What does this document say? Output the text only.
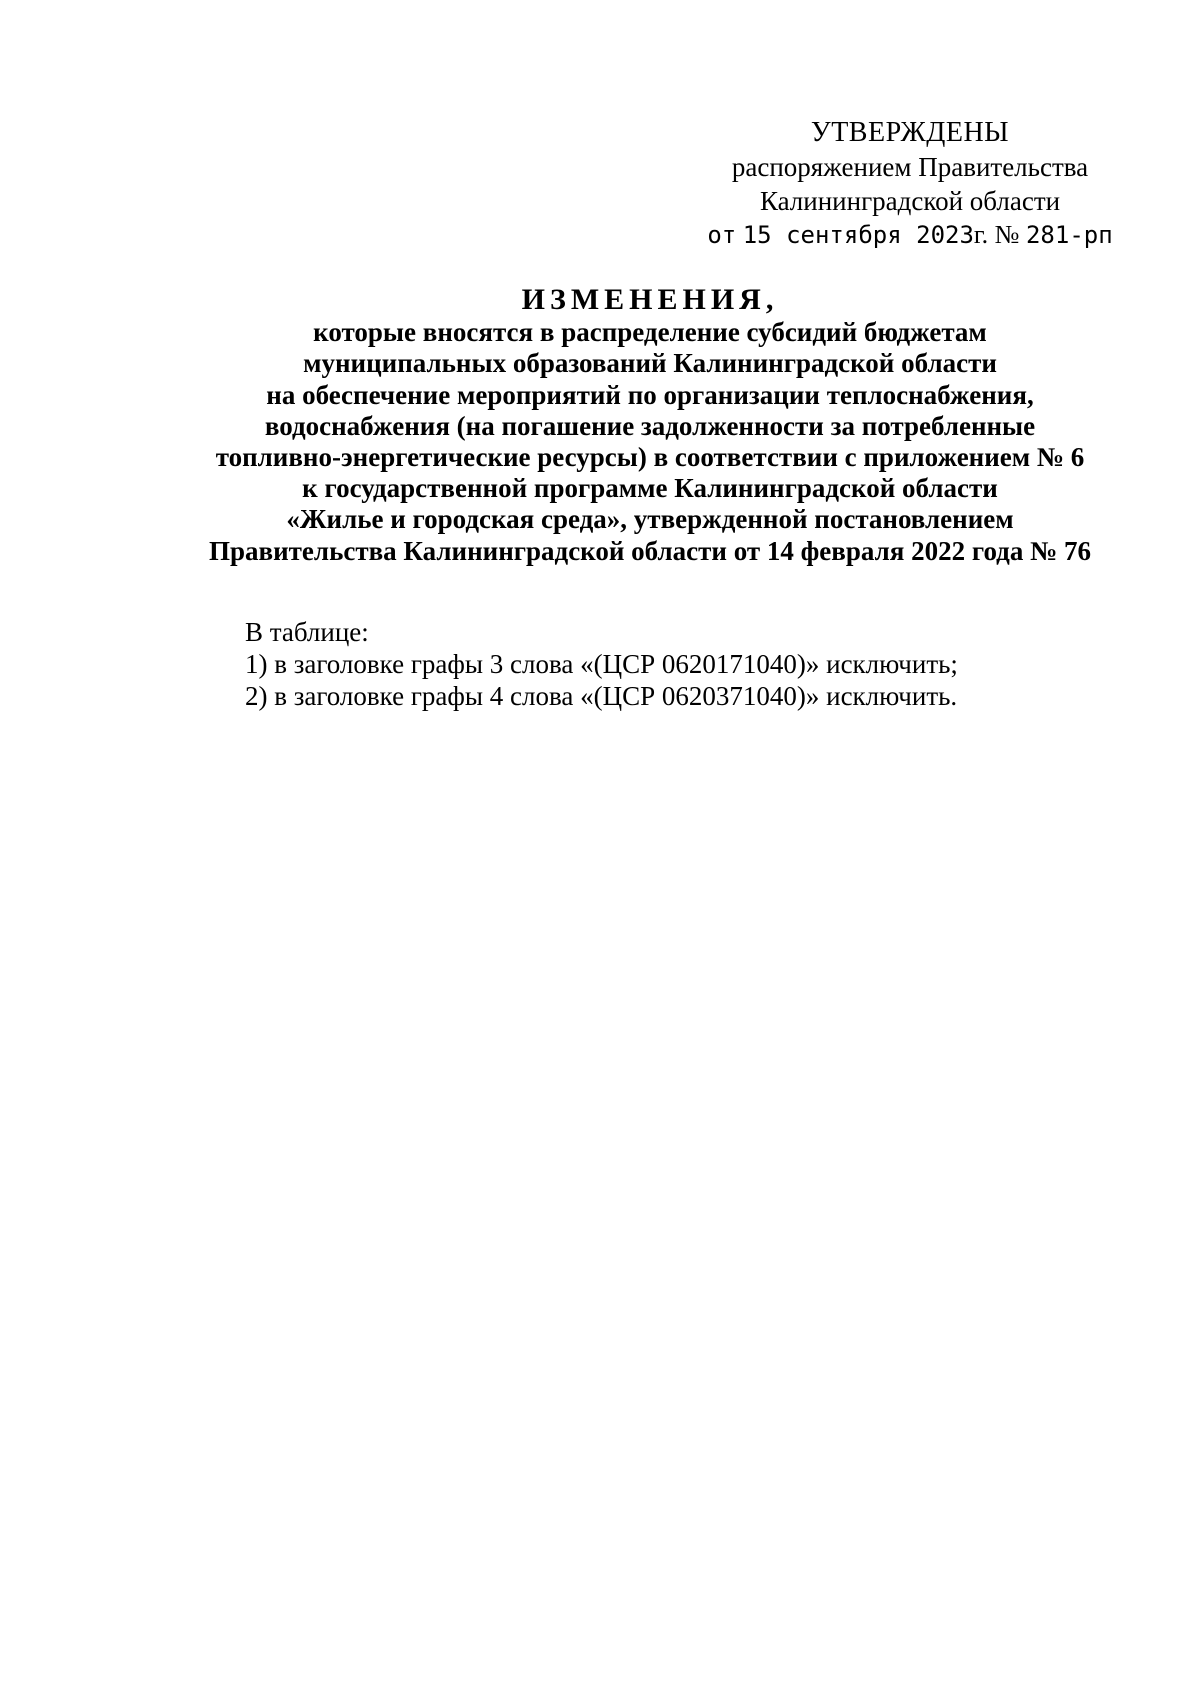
УТВЕРЖДЕНЫ
распоряжением Правительства
Калининградской области
от 15 сентября 2023г. № 281-рп
ИЗМЕНЕНИЯ,
которые вносятся в распределение субсидий бюджетам
муниципальных образований Калининградской области
на обеспечение мероприятий по организации теплоснабжения,
водоснабжения (на погашение задолженности за потребленные
топливно-энергетические ресурсы) в соответствии с приложением № 6
к государственной программе Калининградской области
«Жилье и городская среда», утвержденной постановлением
Правительства Калининградской области от 14 февраля 2022 года № 76
В таблице:
1) в заголовке графы 3 слова «(ЦСР 0620171040)» исключить;
2) в заголовке графы 4 слова «(ЦСР 0620371040)» исключить.
